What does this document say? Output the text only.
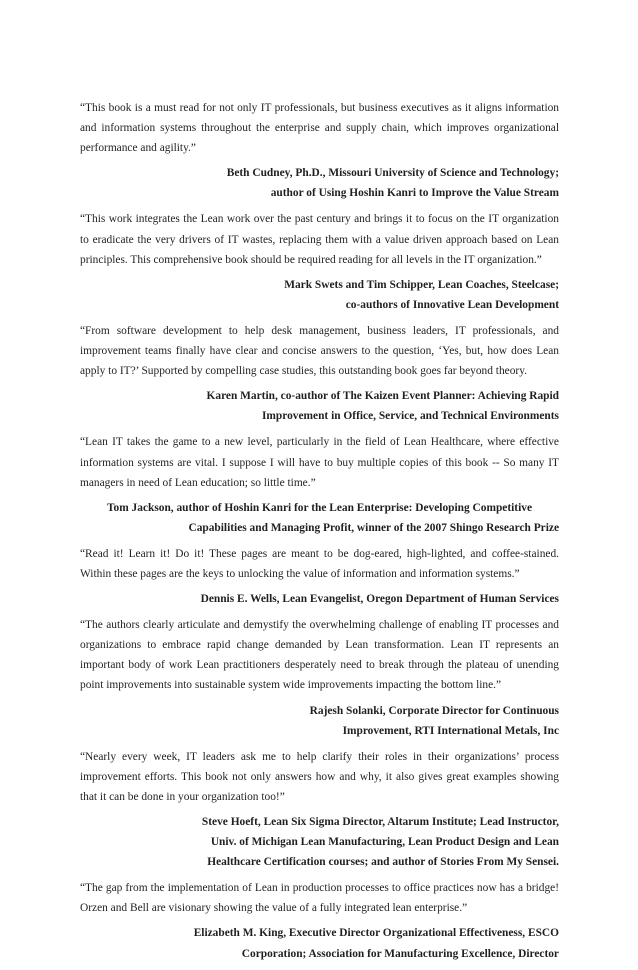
“This book is a must read for not only IT professionals, but business executives as it aligns information and information systems throughout the enterprise and supply chain, which improves organizational performance and agility.”

Beth Cudney, Ph.D., Missouri University of Science and Technology;
author of Using Hoshin Kanri to Improve the Value Stream

“This work integrates the Lean work over the past century and brings it to focus on the IT organization to eradicate the very drivers of IT wastes, replacing them with a value driven approach based on Lean principles. This comprehensive book should be required reading for all levels in the IT organization.”

Mark Swets and Tim Schipper, Lean Coaches, Steelcase;
co-authors of Innovative Lean Development

“From software development to help desk management, business leaders, IT professionals, and improvement teams finally have clear and concise answers to the question, ‘Yes, but, how does Lean apply to IT?’ Supported by compelling case studies, this outstanding book goes far beyond theory.

Karen Martin, co-author of The Kaizen Event Planner: Achieving Rapid
Improvement in Office, Service, and Technical Environments

“Lean IT takes the game to a new level, particularly in the field of Lean Healthcare, where effective information systems are vital. I suppose I will have to buy multiple copies of this book -- So many IT managers in need of Lean education; so little time.”

Tom Jackson, author of Hoshin Kanri for the Lean Enterprise: Developing Competitive
Capabilities and Managing Profit, winner of the 2007 Shingo Research Prize

“Read it! Learn it! Do it! These pages are meant to be dog-eared, high-lighted, and coffee-stained. Within these pages are the keys to unlocking the value of information and information systems.”

Dennis E. Wells, Lean Evangelist, Oregon Department of Human Services

“The authors clearly articulate and demystify the overwhelming challenge of enabling IT processes and organizations to embrace rapid change demanded by Lean transformation. Lean IT represents an important body of work Lean practitioners desperately need to break through the plateau of unending point improvements into sustainable system wide improvements impacting the bottom line.”

Rajesh Solanki, Corporate Director for Continuous
Improvement, RTI International Metals, Inc

“Nearly every week, IT leaders ask me to help clarify their roles in their organizations’ process improvement efforts. This book not only answers how and why, it also gives great examples showing that it can be done in your organization too!”

Steve Hoeft, Lean Six Sigma Director, Altarum Institute; Lead Instructor,
Univ. of Michigan Lean Manufacturing, Lean Product Design and Lean
Healthcare Certification courses; and author of Stories From My Sensei.

“The gap from the implementation of Lean in production processes to office practices now has a bridge! Orzen and Bell are visionary showing the value of a fully integrated lean enterprise.”

Elizabeth M. King, Executive Director Organizational Effectiveness, ESCO
Corporation; Association for Manufacturing Excellence, Director
